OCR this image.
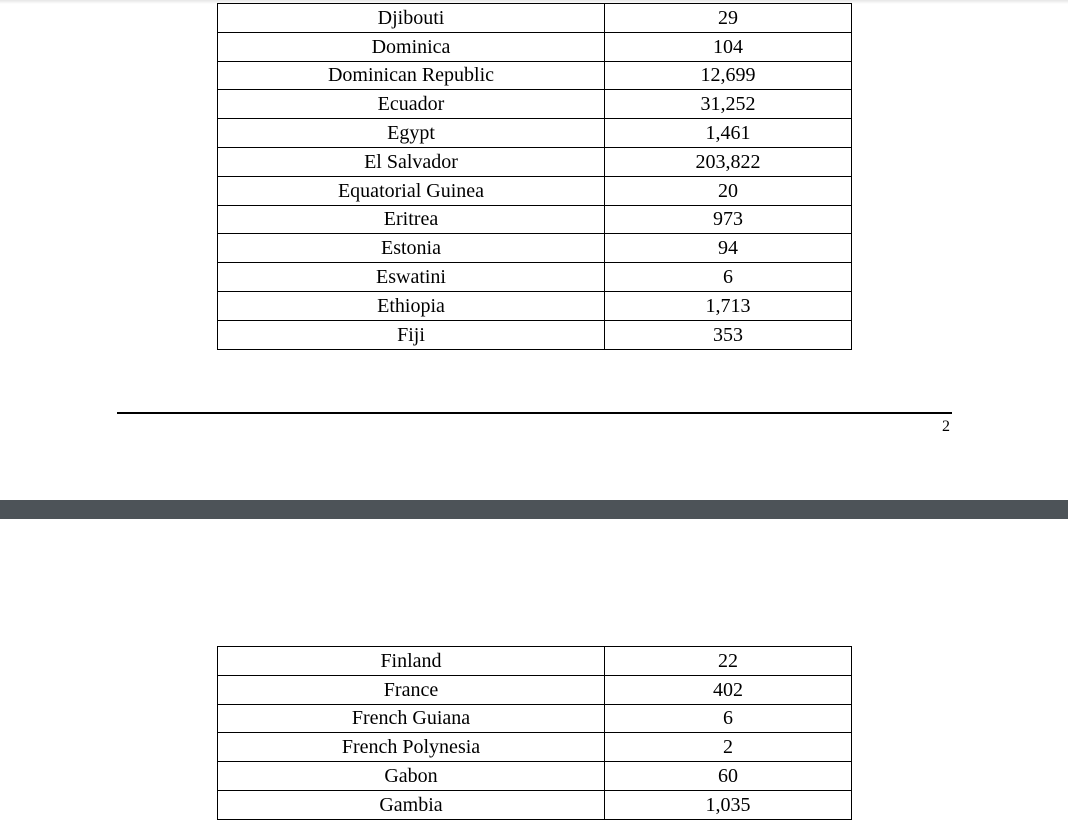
Djibouti	29
Dominica	104
Dominican Republic	12,699
Ecuador	31,252
Egypt	1,461
El Salvador	203,822
Equatorial Guinea	20
Eritrea	973
Estonia	94
Eswatini	6
Ethiopia	1,713
Fiji	353
2
Finland	22
France	402
French Guiana	6
French Polynesia	2
Gabon	60
Gambia	1,035
